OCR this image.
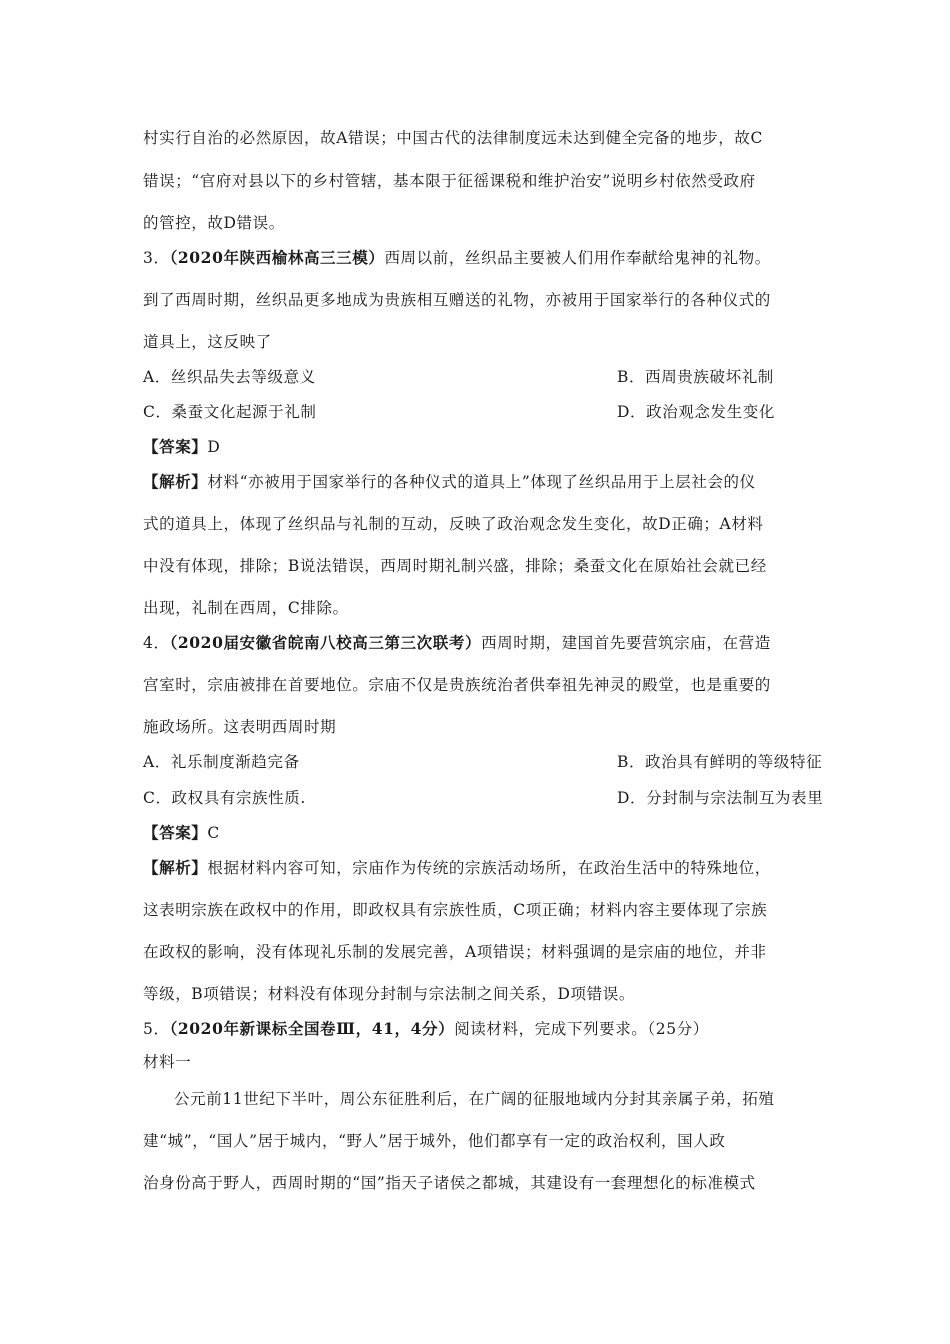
村实行自治的必然原因，故A错误；中国古代的法律制度远未达到健全完备的地步，故C
错误；“官府对县以下的乡村管辖，基本限于征徭课税和维护治安”说明乡村依然受政府
的管控，故D错误。
3．（2020年陕西榆林高三三模）西周以前，丝织品主要被人们用作奉献给鬼神的礼物。
到了西周时期，丝织品更多地成为贵族相互赠送的礼物，亦被用于国家举行的各种仪式的
道具上，这反映了
A．丝织品失去等级意义	B．西周贵族破坏礼制
C．桑蚕文化起源于礼制	D．政治观念发生变化
【答案】D
【解析】材料“亦被用于国家举行的各种仪式的道具上”体现了丝织品用于上层社会的仪
式的道具上，体现了丝织品与礼制的互动，反映了政治观念发生变化，故D正确；A材料
中没有体现，排除；B说法错误，西周时期礼制兴盛，排除；桑蚕文化在原始社会就已经
出现，礼制在西周，C排除。
4．（2020届安徽省皖南八校高三第三次联考）西周时期，建国首先要营筑宗庙，在营造
宫室时，宗庙被排在首要地位。宗庙不仅是贵族统治者供奉祖先神灵的殿堂，也是重要的
施政场所。这表明西周时期
A．礼乐制度渐趋完备	B．政治具有鲜明的等级特征
C．政权具有宗族性质.	D．分封制与宗法制互为表里
【答案】C
【解析】根据材料内容可知，宗庙作为传统的宗族活动场所，在政治生活中的特殊地位，
这表明宗族在政权中的作用，即政权具有宗族性质，C项正确；材料内容主要体现了宗族
在政权的影响，没有体现礼乐制的发展完善，A项错误；材料强调的是宗庙的地位，并非
等级，B项错误；材料没有体现分封制与宗法制之间关系，D项错误。
5．（2020年新课标全国卷Ⅲ，41，4分）阅读材料，完成下列要求。（25分）
材料一
公元前11世纪下半叶，周公东征胜利后，在广阔的征服地域内分封其亲属子弟，拓殖
建“城”，“国人”居于城内，“野人”居于城外，他们都享有一定的政治权利，国人政
治身份高于野人，西周时期的“国”指天子诸侯之都城，其建设有一套理想化的标准模式
